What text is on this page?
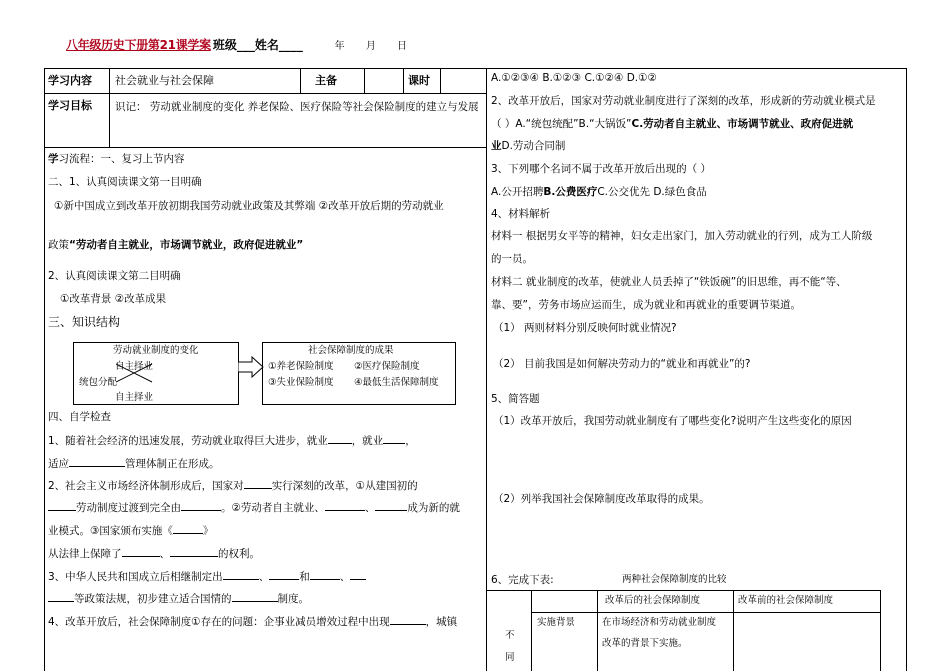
八年级历史下册第21课学案 班级___姓名____	年 月 日
学习内容 社会就业与社会保障	主备	课时
学习目标 识记： 劳动就业制度的变化 养老保险、医疗保险等社会保险制度的建立与发展
学习流程：一、复习上节内容
二、1、认真阅读课文第一目明确
①新中国成立到改革开放初期我国劳动就业政策及其弊端 ②改革开放后期的劳动就业
政策“劳动者自主就业，市场调节就业，政府促进就业”
2、认真阅读课文第二目明确
①改革背景 ②改革成果
三、知识结构
劳动就业制度的变化
自主择业
统包分配
自主择业
社会保障制度的成果
①养老保险制度 ②医疗保险制度
③失业保险制度 ④最低生活保障制度
四、自学检查
1、随着社会经济的迅速发展，劳动就业取得巨大进步，就业 ，就业 ，
适应	管理体制正在形成。
2、社会主义市场经济体制形成后，国家对	实行深刻的改革，①从建国初的
劳动制度过渡到完全由	。②劳动者自主就业、	、	成为新的就
业模式。③国家颁布实施《	》
从法律上保障了	、	的权利。
3、中华人民共和国成立后相继制定出	、	和	、
等政策法规，初步建立适合国情的	制度。
4、改革开放后，社会保障制度①存在的问题：企事业减员增效过程中出现	，城镇
A.①②③④ B.①②③ C.①②④ D.①②
2、改革开放后，国家对劳动就业制度进行了深刻的改革，形成新的劳动就业模式是
（ ）A.“统包统配”B.“大锅饭”C.劳动者自主就业、市场调节就业、政府促进就
业D.劳动合同制
3、下列哪个名词不属于改革开放后出现的（ ）
A.公开招聘B.公费医疗C.公交优先 D.绿色食品
4、材料解析
材料一 根据男女平等的精神，妇女走出家门，加入劳动就业的行列，成为工人阶级
的一员。
材料二 就业制度的改革，使就业人员丢掉了“铁饭碗”的旧思维，再不能“等、
靠、要”，劳务市场应运而生，成为就业和再就业的重要调节渠道。
（1） 两则材料分别反映何时就业情况?
（2） 目前我国是如何解决劳动力的“就业和再就业”的?
5、简答题
（1）改革开放后，我国劳动就业制度有了哪些变化?说明产生这些变化的原因
（2）列举我国社会保障制度改革取得的成果。
6、完成下表:	两种社会保障制度的比较
改革后的社会保障制度	改革前的社会保障制度
不同
实施背景	在市场经济和劳动就业制度
改革的背景下实施。
